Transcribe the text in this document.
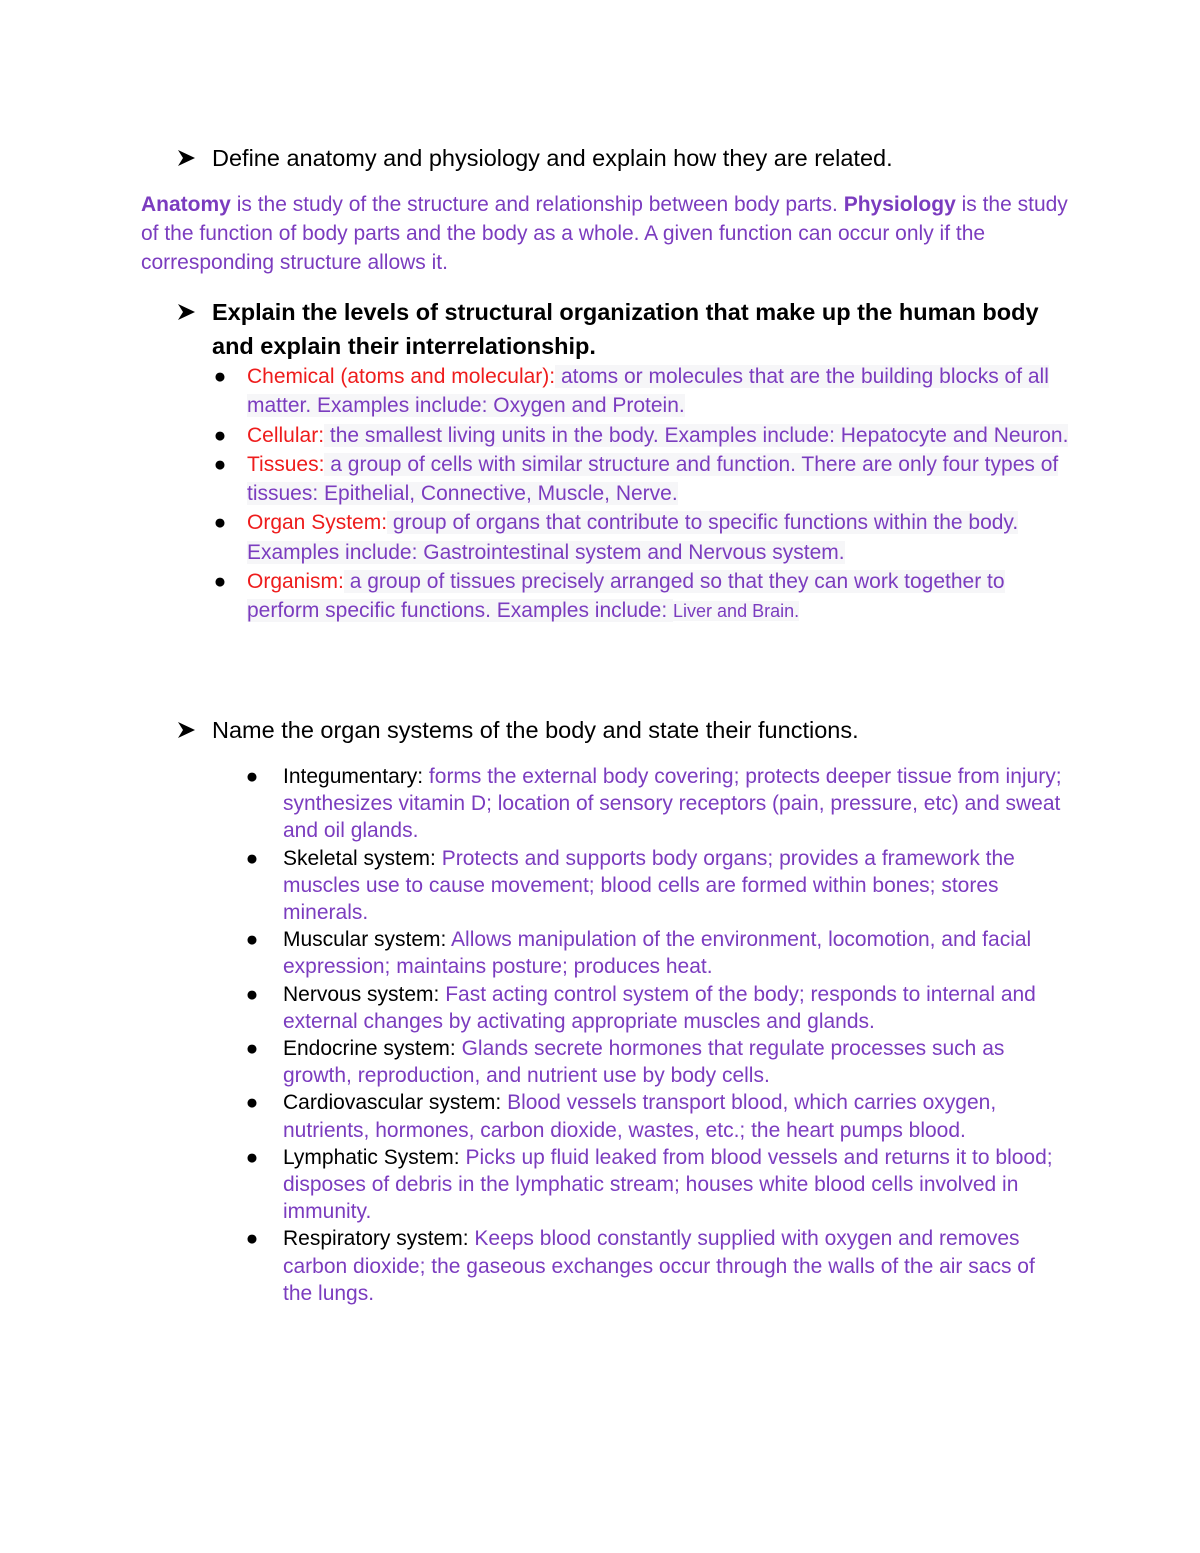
Define anatomy and physiology and explain how they are related.
Anatomy is the study of the structure and relationship between body parts. Physiology is the study of the function of body parts and the body as a whole. A given function can occur only if the corresponding structure allows it.
Explain the levels of structural organization that make up the human body and explain their interrelationship.
● Chemical (atoms and molecular): atoms or molecules that are the building blocks of all matter. Examples include: Oxygen and Protein.
● Cellular: the smallest living units in the body. Examples include: Hepatocyte and Neuron.
● Tissues: a group of cells with similar structure and function. There are only four types of tissues: Epithelial, Connective, Muscle, Nerve.
● Organ System: group of organs that contribute to specific functions within the body. Examples include: Gastrointestinal system and Nervous system.
● Organism: a group of tissues precisely arranged so that they can work together to perform specific functions. Examples include: Liver and Brain.
Name the organ systems of the body and state their functions.
● Integumentary: forms the external body covering; protects deeper tissue from injury; synthesizes vitamin D; location of sensory receptors (pain, pressure, etc) and sweat and oil glands.
● Skeletal system: Protects and supports body organs; provides a framework the muscles use to cause movement; blood cells are formed within bones; stores minerals.
● Muscular system: Allows manipulation of the environment, locomotion, and facial expression; maintains posture; produces heat.
● Nervous system: Fast acting control system of the body; responds to internal and external changes by activating appropriate muscles and glands.
● Endocrine system: Glands secrete hormones that regulate processes such as growth, reproduction, and nutrient use by body cells.
● Cardiovascular system: Blood vessels transport blood, which carries oxygen, nutrients, hormones, carbon dioxide, wastes, etc.; the heart pumps blood.
● Lymphatic System: Picks up fluid leaked from blood vessels and returns it to blood; disposes of debris in the lymphatic stream; houses white blood cells involved in immunity.
● Respiratory system: Keeps blood constantly supplied with oxygen and removes carbon dioxide; the gaseous exchanges occur through the walls of the air sacs of the lungs.
